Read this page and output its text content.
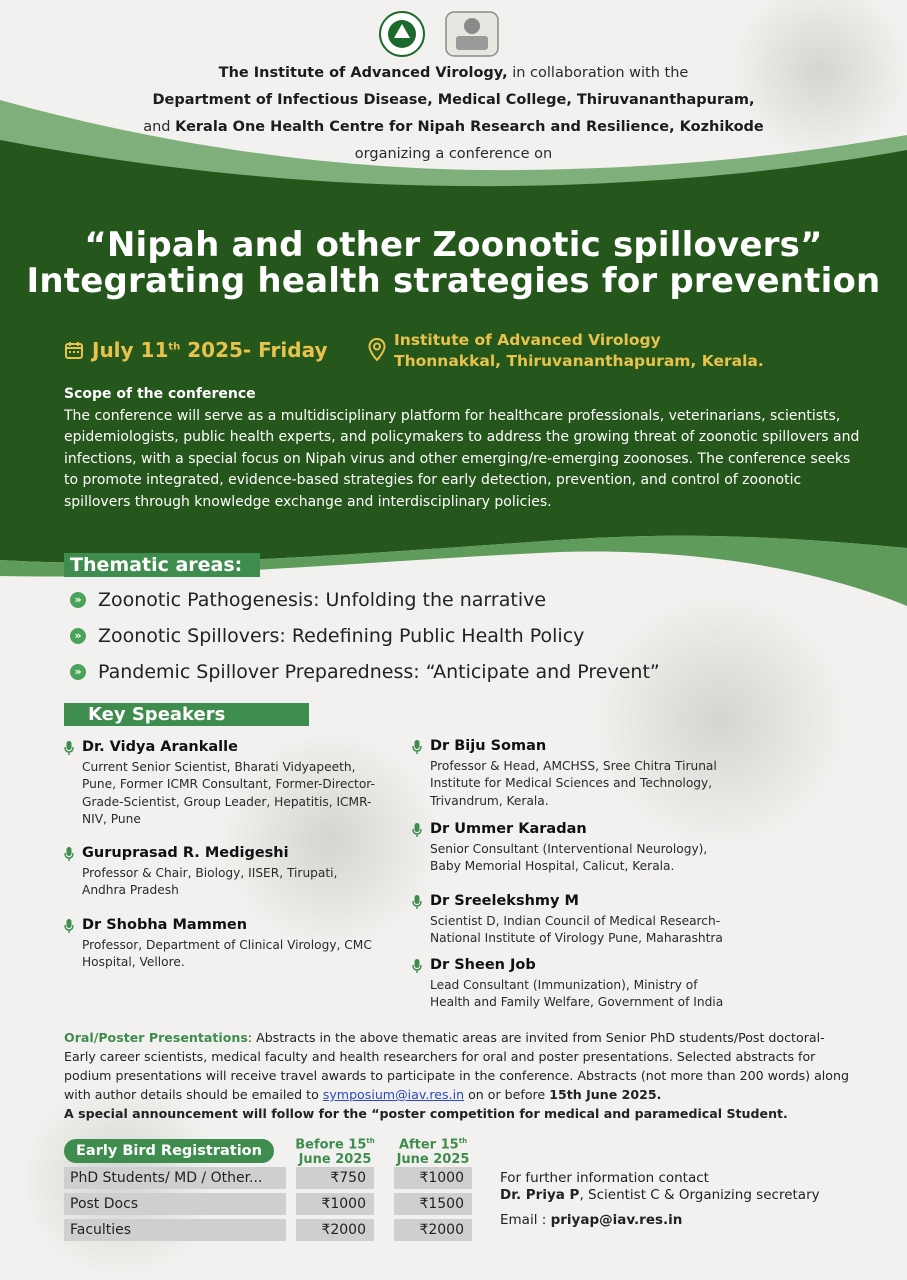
The Institute of Advanced Virology, in collaboration with the
Department of Infectious Disease, Medical College, Thiruvananthapuram,
and Kerala One Health Centre for Nipah Research and Resilience, Kozhikode
organizing a conference on
“Nipah and other Zoonotic spillovers”
Integrating health strategies for prevention
July 11th 2025- Friday	Institute of Advanced Virology
Thonnakkal, Thiruvananthapuram, Kerala.
Scope of the conference
The conference will serve as a multidisciplinary platform for healthcare professionals, veterinarians, scientists, epidemiologists, public health experts, and policymakers to address the growing threat of zoonotic spillovers and infections, with a special focus on Nipah virus and other emerging/re-emerging zoonoses. The conference seeks to promote integrated, evidence-based strategies for early detection, prevention, and control of zoonotic spillovers through knowledge exchange and interdisciplinary policies.
Thematic areas:
» Zoonotic Pathogenesis: Unfolding the narrative
» Zoonotic Spillovers: Redefining Public Health Policy
» Pandemic Spillover Preparedness: “Anticipate and Prevent”
Key Speakers
Dr. Vidya Arankalle
Current Senior Scientist, Bharati Vidyapeeth, Pune, Former ICMR Consultant, Former-Director-Grade-Scientist, Group Leader, Hepatitis, ICMR-NIV, Pune
Guruprasad R. Medigeshi
Professor & Chair, Biology, IISER, Tirupati, Andhra Pradesh
Dr Shobha Mammen
Professor, Department of Clinical Virology, CMC Hospital, Vellore.
Dr Biju Soman
Professor & Head, AMCHSS, Sree Chitra Tirunal Institute for Medical Sciences and Technology, Trivandrum, Kerala.
Dr Ummer Karadan
Senior Consultant (Interventional Neurology), Baby Memorial Hospital, Calicut, Kerala.
Dr Sreelekshmy M
Scientist D, Indian Council of Medical Research- National Institute of Virology Pune, Maharashtra
Dr Sheen Job
Lead Consultant (Immunization), Ministry of Health and Family Welfare, Government of India
Oral/Poster Presentations: Abstracts in the above thematic areas are invited from Senior PhD students/Post doctoral- Early career scientists, medical faculty and health researchers for oral and poster presentations. Selected abstracts for podium presentations will receive travel awards to participate in the conference. Abstracts (not more than 200 words) along with author details should be emailed to symposium@iav.res.in on or before 15th June 2025.
A special announcement will follow for the “poster competition for medical and paramedical Student.
Early Bird Registration	Before 15th
June 2025
After 15th
June 2025
PhD Students/ MD / Other...	₹750	₹1000
Post Docs	₹1000	₹1500
Faculties	₹2000	₹2000
For further information contact
Dr. Priya P, Scientist C & Organizing secretary
Email : priyap@iav.res.in
